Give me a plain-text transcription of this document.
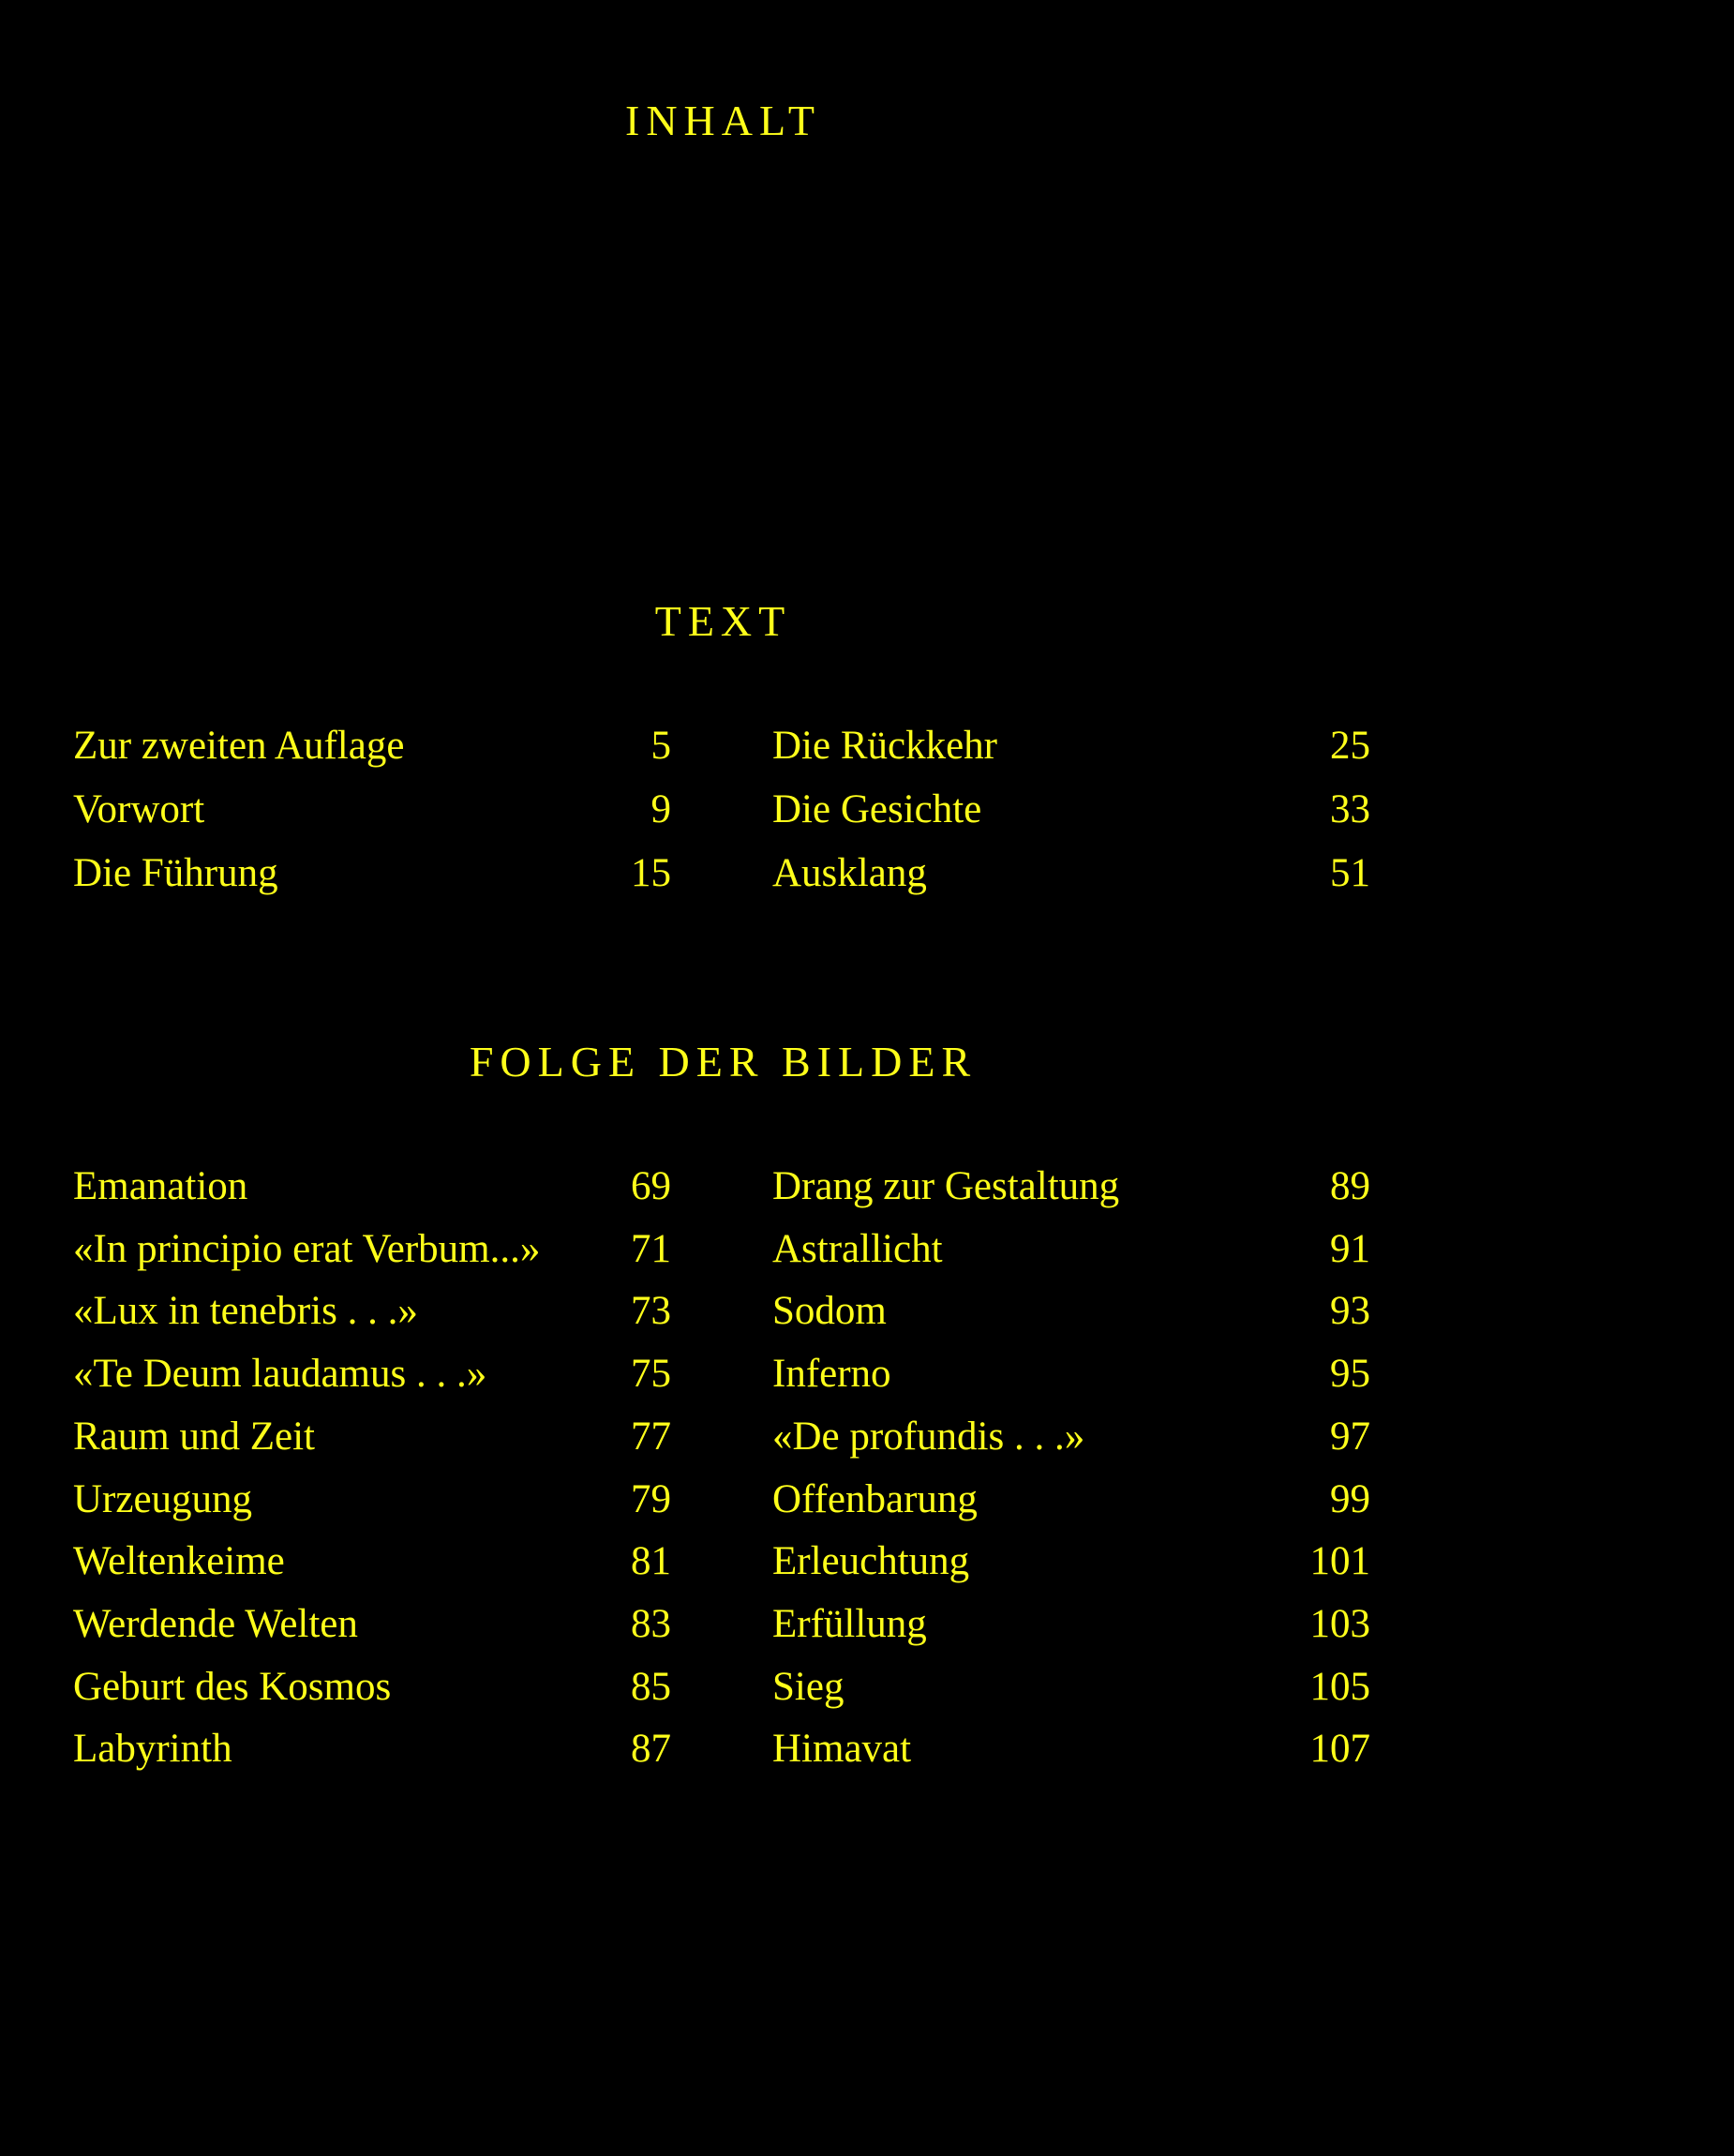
INHALT
TEXT
Zur zweiten Auflage	5
Vorwort	9
Die Führung	15
Die Rückkehr	25
Die Gesichte	33
Ausklang	51
FOLGE DER BILDER
Emanation	69
«In principio erat Verbum...» 71
«Lux in tenebris . . .»	73
«Te Deum laudamus . . .»	75
Raum und Zeit	77
Urzeugung	79
Weltenkeime	81
Werdende Welten	83
Geburt des Kosmos	85
Labyrinth	87
Drang zur Gestaltung	89
Astrallicht	91
Sodom	93
Inferno	95
«De profundis . . .»	97
Offenbarung	99
Erleuchtung	101
Erfüllung	103
Sieg	105
Himavat	107
